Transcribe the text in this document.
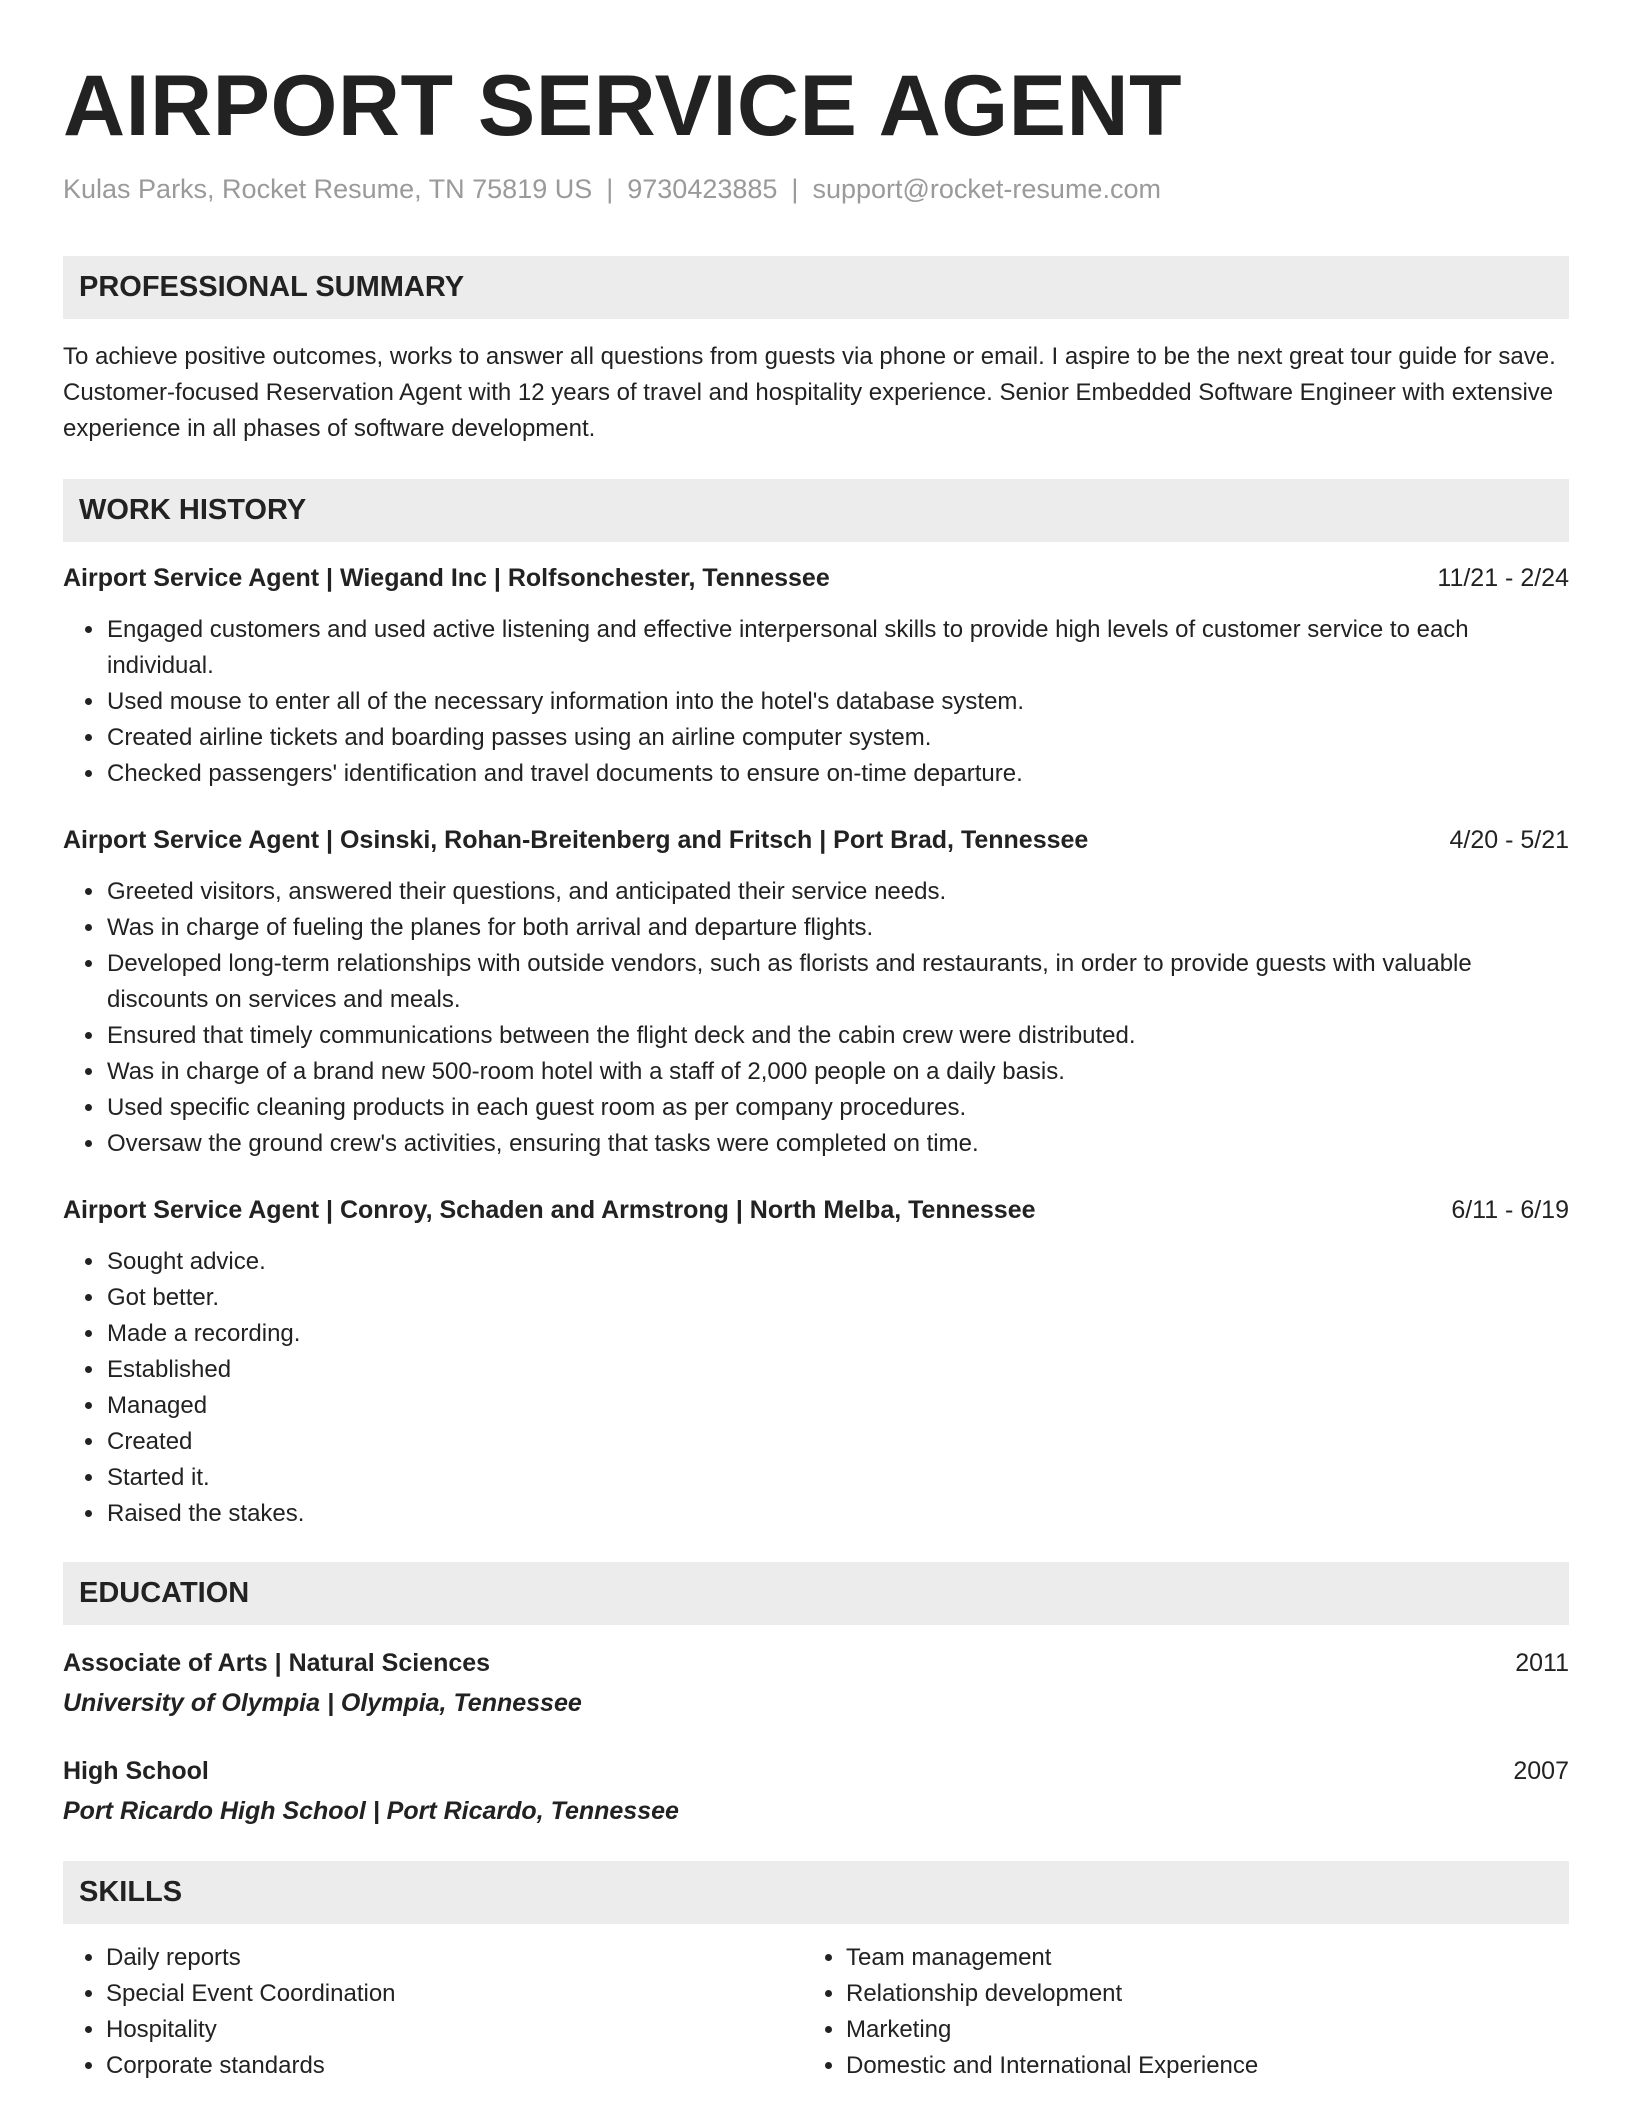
AIRPORT SERVICE AGENT
Kulas Parks, Rocket Resume, TN 75819 US | 9730423885 | support@rocket-resume.com
PROFESSIONAL SUMMARY

To achieve positive outcomes, works to answer all questions from guests via phone or email. I aspire to be the next great tour guide for save. Customer-focused Reservation Agent with 12 years of travel and hospitality experience. Senior Embedded Software Engineer with extensive experience in all phases of software development.

WORK HISTORY
Airport Service Agent | Wiegand Inc | Rolfsonchester, Tennessee	11/21 - 2/24
• Engaged customers and used active listening and effective interpersonal skills to provide high levels of customer service to each individual.
• Used mouse to enter all of the necessary information into the hotel's database system.
• Created airline tickets and boarding passes using an airline computer system.
• Checked passengers' identification and travel documents to ensure on-time departure.
Airport Service Agent | Osinski, Rohan-Breitenberg and Fritsch | Port Brad, Tennessee	4/20 - 5/21
• Greeted visitors, answered their questions, and anticipated their service needs.
• Was in charge of fueling the planes for both arrival and departure flights.
• Developed long-term relationships with outside vendors, such as florists and restaurants, in order to provide guests with valuable discounts on services and meals.
• Ensured that timely communications between the flight deck and the cabin crew were distributed.
• Was in charge of a brand new 500-room hotel with a staff of 2,000 people on a daily basis.
• Used specific cleaning products in each guest room as per company procedures.
• Oversaw the ground crew's activities, ensuring that tasks were completed on time.
Airport Service Agent | Conroy, Schaden and Armstrong | North Melba, Tennessee	6/11 - 6/19
• Sought advice.
• Got better.
• Made a recording.
• Established
• Managed
• Created
• Started it.
• Raised the stakes.
EDUCATION
Associate of Arts | Natural Sciences	2011
University of Olympia | Olympia, Tennessee
High School	2007
Port Ricardo High School | Port Ricardo, Tennessee
SKILLS
• Daily reports
• Special Event Coordination
• Hospitality
• Corporate standards
• Team management
• Relationship development
• Marketing
• Domestic and International Experience
